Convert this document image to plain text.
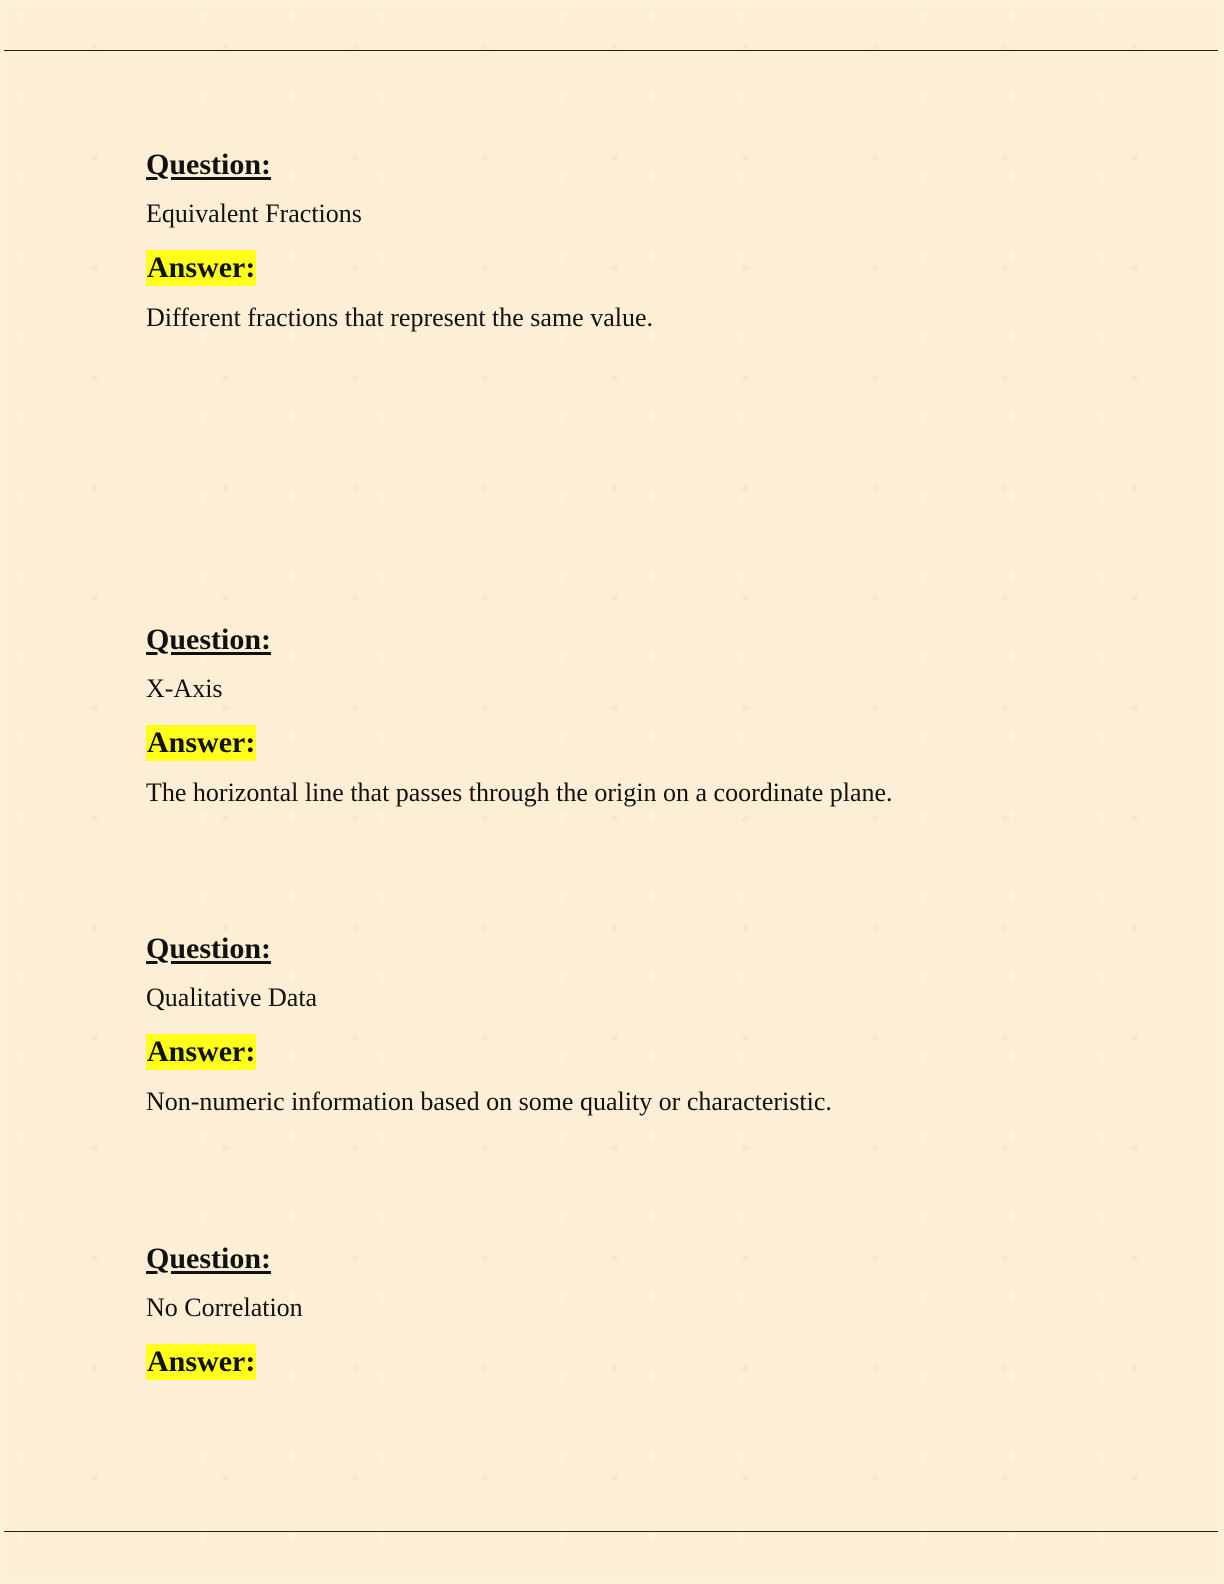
Question:
Equivalent Fractions
Answer:
Different fractions that represent the same value.
Question:
X-Axis
Answer:
The horizontal line that passes through the origin on a coordinate plane.
Question:
Qualitative Data
Answer:
Non-numeric information based on some quality or characteristic.
Question:
No Correlation
Answer:
